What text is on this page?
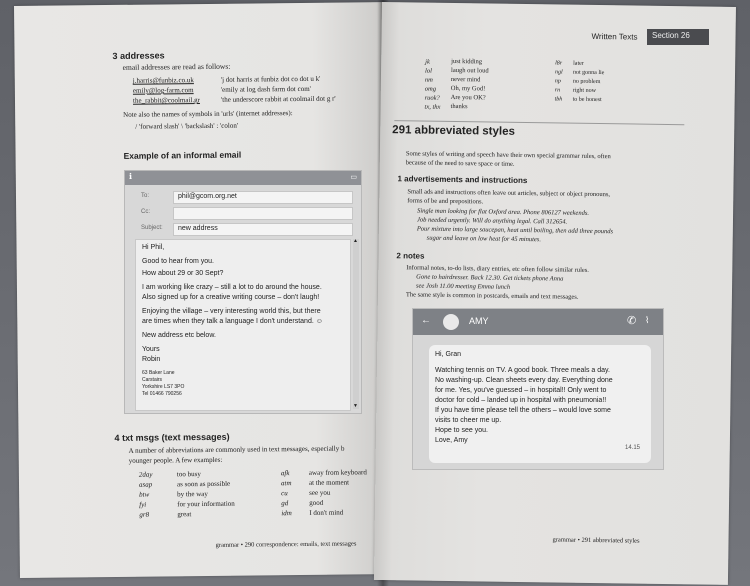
3 addresses
email addresses are read as follows:
j.harris@funbiz.co.uk	'j dot harris at funbiz dot co dot u k'
emily@log-farm.com	'emily at log dash farm dot com'
the_rabbit@coolmail.gr	'the underscore rabbit at coolmail dot g r'
Note also the names of symbols in 'urls' (internet addresses):
/ 'forward slash' \ 'backslash' : 'colon'
Example of an informal email
4 txt msgs (text messages)
A number of abbreviations are commonly used in text messages, especially b
younger people. A few examples:
2day	too busy
asap	as soon as possible
btw	by the way
fyi	for your information
gr8	great
afk	away from keyboard
atm at the moment
cu	see you
gd	good
idm I don't mind
grammar • 290 correspondence: emails, text messages
ℹ	▭
To:	phil@gcom.org.net
Cc:
Subject: new address
Hi Phil,
Good to hear from you.
How about 29 or 30 Sept?
I am working like crazy – still a lot to do around the house.
Also signed up for a creative writing course – don't laugh!
Enjoying the village – very interesting world this, but there
are times when they talk a language I don't understand. ☺
New address etc below.
Yours
Robin
63 Baker Lane
Carstairs
Yorkshire LS7 3PO
Tel 01466 790256
▲
▼
Written Texts
jk	just kidding
lol	laugh out loud
nm	never mind
omg Oh, my God!
ruok? Are you OK?
tx, thx thanks
l8r later
ngl not gonna lie
np no problem
rn right now
tbh to be honest
291 abbreviated styles
Some styles of writing and speech have their own special grammar rules, often
because of the need to save space or time.
1 advertisements and instructions
Small ads and instructions often leave out articles, subject or object pronouns,
forms of be and prepositions.
Single man looking for flat Oxford area. Phone 806127 weekends.
Job needed urgently. Will do anything legal. Call 312654.
Pour mixture into large saucepan, heat until boiling, then add three pounds
sugar and leave on low heat for 45 minutes.
2 notes
Informal notes, to-do lists, diary entries, etc often follow similar rules.
Gone to hairdresser. Back 12.30. Get tickets phone Anna
see Josh 11.00 meeting Emma lunch
The same style is common in postcards, emails and text messages.
grammar • 291 abbreviated styles
Section 26
←	AMY	✆ ⌇
Hi, Gran
Watching tennis on TV. A good book. Three meals a day.
No washing-up. Clean sheets every day. Everything done
for me. Yes, you've guessed – in hospital!! Only went to
doctor for cold – landed up in hospital with pneumonia!!
If you have time please tell the others – would love some
visits to cheer me up.
Hope to see you.
Love, Amy
14.15
